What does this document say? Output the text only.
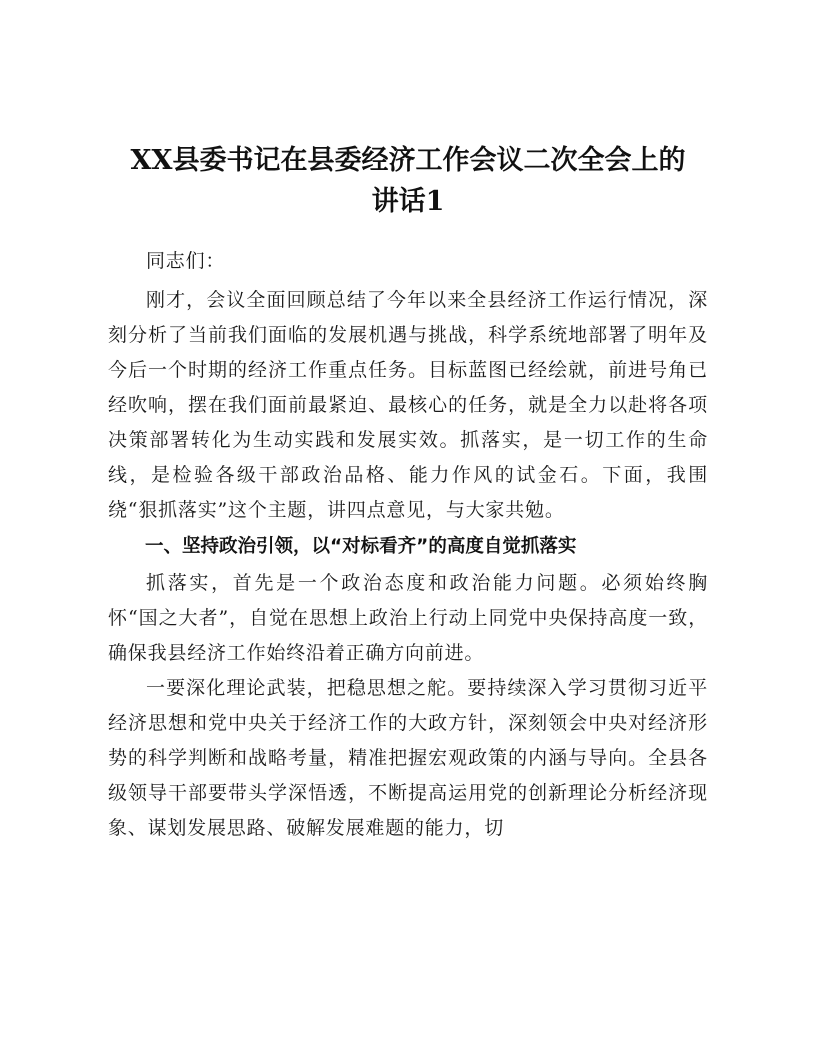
XX县委书记在县委经济工作会议二次全会上的
讲话1

同志们：

刚才，会议全面回顾总结了今年以来全县经济工作运行情况，深刻分析了当前我们面临的发展机遇与挑战，科学系统地部署了明年及今后一个时期的经济工作重点任务。目标蓝图已经绘就，前进号角已经吹响，摆在我们面前最紧迫、最核心的任务，就是全力以赴将各项决策部署转化为生动实践和发展实效。抓落实，是一切工作的生命线，是检验各级干部政治品格、能力作风的试金石。下面，我围绕“狠抓落实”这个主题，讲四点意见，与大家共勉。

一、坚持政治引领，以“对标看齐”的高度自觉抓落实

抓落实，首先是一个政治态度和政治能力问题。必须始终胸怀“国之大者”，自觉在思想上政治上行动上同党中央保持高度一致，确保我县经济工作始终沿着正确方向前进。

一要深化理论武装，把稳思想之舵。要持续深入学习贯彻习近平经济思想和党中央关于经济工作的大政方针，深刻领会中央对经济形势的科学判断和战略考量，精准把握宏观政策的内涵与导向。全县各级领导干部要带头学深悟透，不断提高运用党的创新理论分析经济现象、谋划发展思路、破解发展难题的能力，切
